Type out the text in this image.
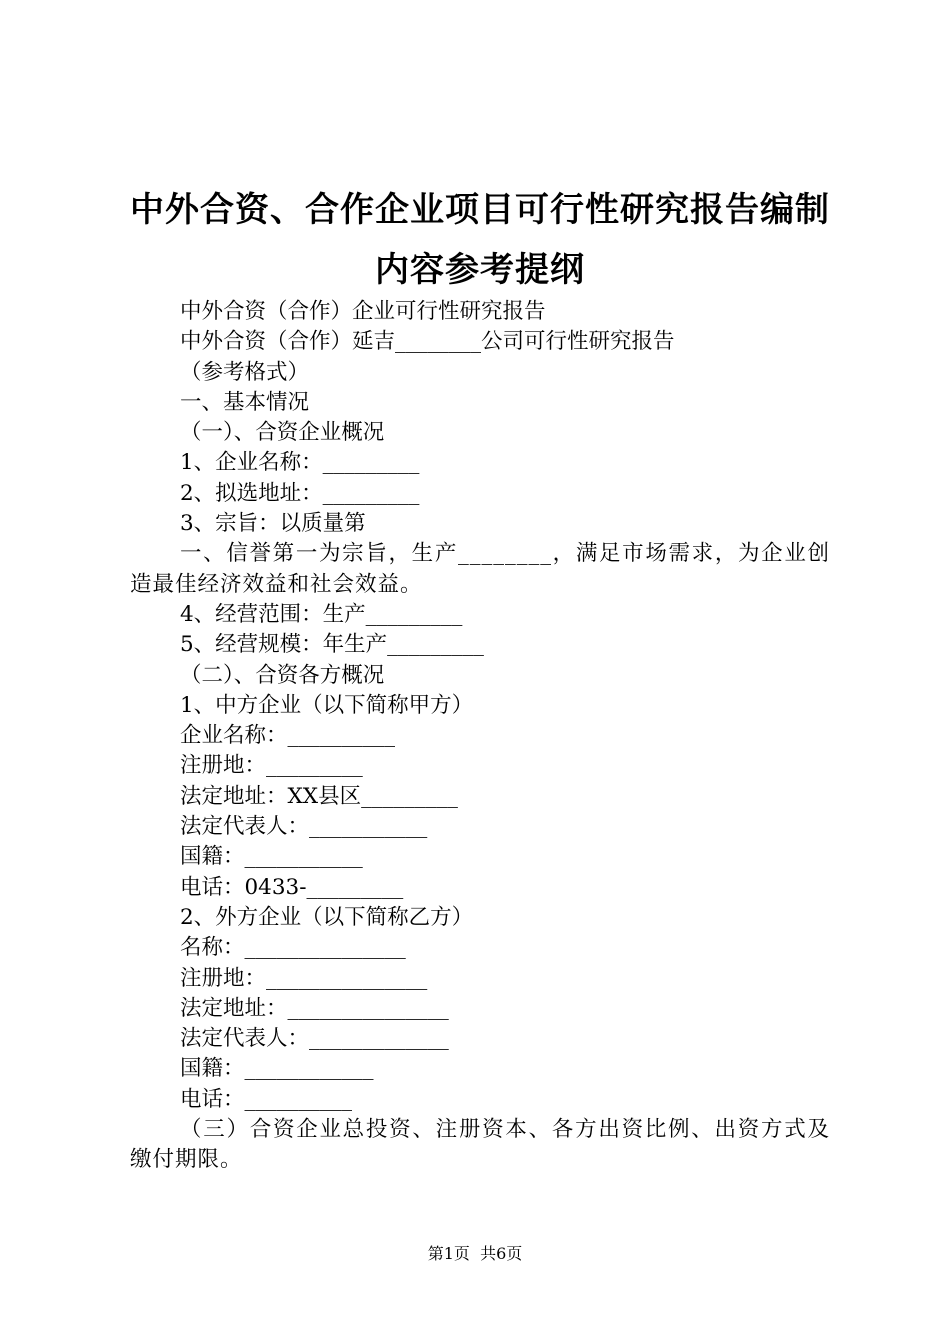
中外合资、合作企业项目可行性研究报告编制
内容参考提纲
中外合资（合作）企业可行性研究报告
中外合资（合作）延吉________公司可行性研究报告
（参考格式）
一、基本情况
（一）、合资企业概况
1、企业名称：_________
2、拟选地址：_________
3、宗旨：以质量第
一、信誉第一为宗旨，生产________，满足市场需求，为企业创造最佳经济效益和社会效益。
4、经营范围：生产_________
5、经营规模：年生产_________
（二）、合资各方概况
1、中方企业（以下简称甲方）
企业名称：__________
注册地：_________
法定地址：XX县区_________
法定代表人：___________
国籍：___________
电话：0433-_________
2、外方企业（以下简称乙方）
名称：_______________
注册地：_______________
法定地址：_______________
法定代表人：_____________
国籍：____________
电话：__________
（三）合资企业总投资、注册资本、各方出资比例、出资方式及缴付期限。
第1页  共6页
